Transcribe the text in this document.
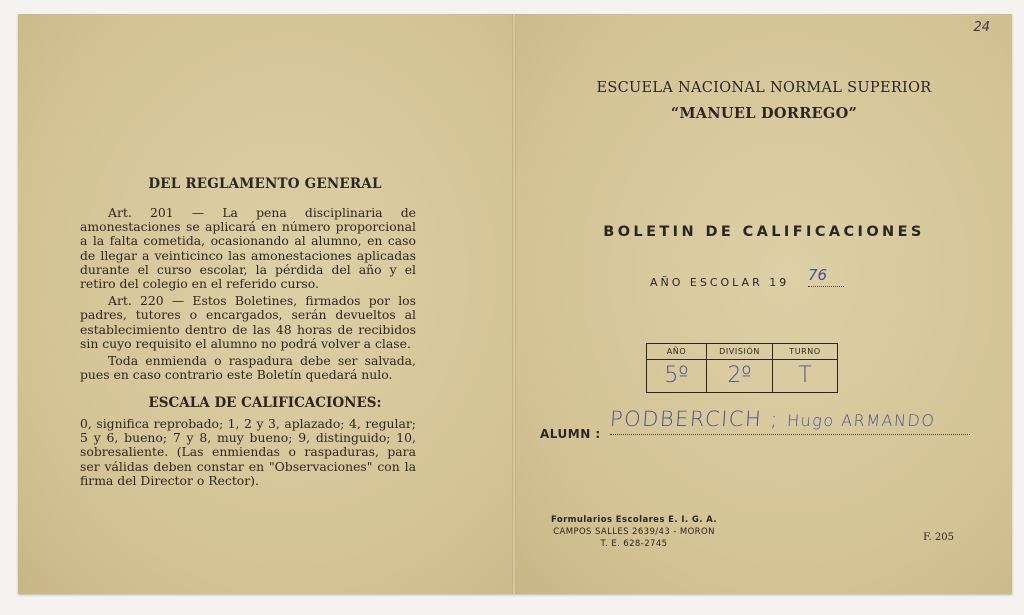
DEL REGLAMENTO GENERAL

Art. 201 — La pena disciplinaria de amonestaciones se aplicará en número proporcional a la falta cometida, ocasionando al alumno, en caso de llegar a veinticinco las amonestaciones aplicadas durante el curso escolar, la pérdida del año y el retiro del colegio en el referido curso.

Art. 220 — Estos Boletines, firmados por los padres, tutores o encargados, serán devueltos al establecimiento dentro de las 48 horas de recibidos sin cuyo requisito el alumno no podrá volver a clase.

Toda enmienda o raspadura debe ser salvada, pues en caso contrario este Boletín quedará nulo.

ESCALA DE CALIFICACIONES:
0, significa reprobado; 1, 2 y 3, aplazado; 4, regular; 5 y 6, bueno; 7 y 8, muy bueno; 9, distinguido; 10, sobresaliente. (Las enmiendas o raspaduras, para ser válidas deben constar en "Observaciones" con la firma del Director o Rector).
24
ESCUELA NACIONAL NORMAL SUPERIOR
“MANUEL DORREGO”
BOLETIN DE CALIFICACIONES
AÑO ESCOLAR 19 76
AÑO
5º
DIVISIÓN
2º
TURNO
T
ALUMN :
PODBERCICH ; Hugo ARMANDO
Formularios Escolares E. I. G. A.
CAMPOS SALLES 2639/43 - MORON
T. E. 628-2745
F. 205
